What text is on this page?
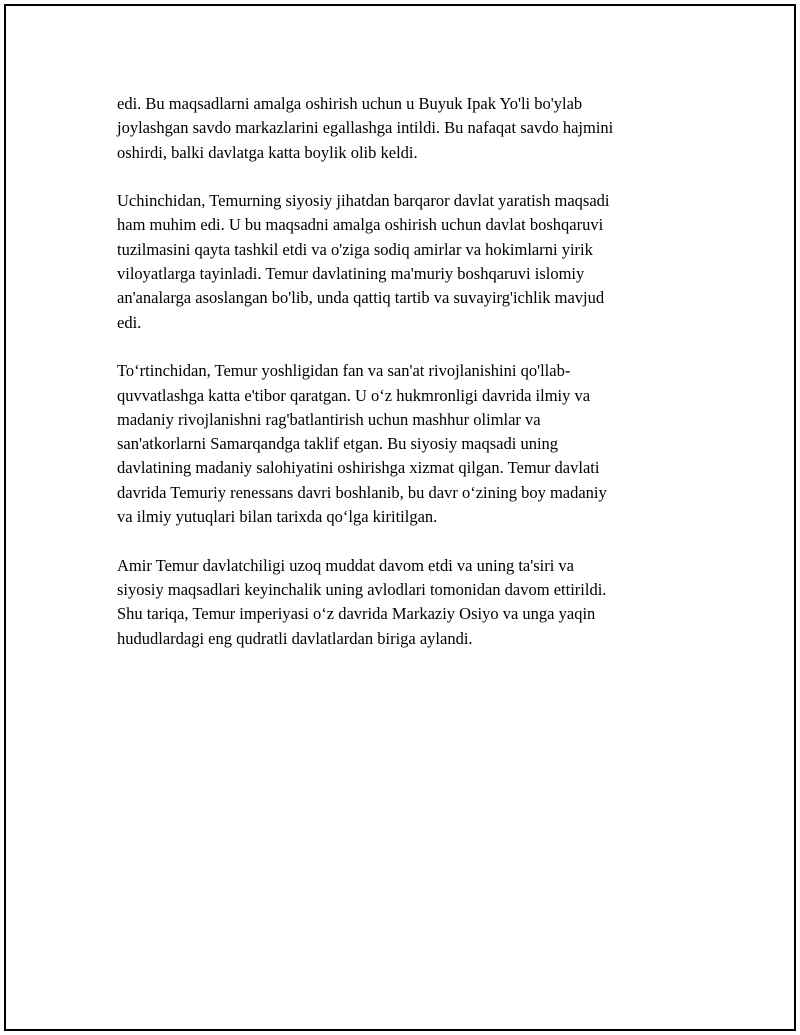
edi. Bu maqsadlarni amalga oshirish uchun u Buyuk Ipak Yo'li bo'ylab
joylashgan savdo markazlarini egallashga intildi. Bu nafaqat savdo hajmini
oshirdi, balki davlatga katta boylik olib keldi.

Uchinchidan, Temurning siyosiy jihatdan barqaror davlat yaratish maqsadi
ham muhim edi. U bu maqsadni amalga oshirish uchun davlat boshqaruvi
tuzilmasini qayta tashkil etdi va o'ziga sodiq amirlar va hokimlarni yirik
viloyatlarga tayinladi. Temur davlatining ma'muriy boshqaruvi islomiy
an'analarga asoslangan bo'lib, unda qattiq tartib va suvayirg'ichlik mavjud
edi.

To‘rtinchidan, Temur yoshligidan fan va san'at rivojlanishini qo'llab-
quvvatlashga katta e'tibor qaratgan. U o‘z hukmronligi davrida ilmiy va
madaniy rivojlanishni rag'batlantirish uchun mashhur olimlar va
san'atkorlarni Samarqandga taklif etgan. Bu siyosiy maqsadi uning
davlatining madaniy salohiyatini oshirishga xizmat qilgan. Temur davlati
davrida Temuriy renessans davri boshlanib, bu davr o‘zining boy madaniy
va ilmiy yutuqlari bilan tarixda qo‘lga kiritilgan.

Amir Temur davlatchiligi uzoq muddat davom etdi va uning ta'siri va
siyosiy maqsadlari keyinchalik uning avlodlari tomonidan davom ettirildi.
Shu tariqa, Temur imperiyasi o‘z davrida Markaziy Osiyo va unga yaqin
hududlardagi eng qudratli davlatlardan biriga aylandi.
